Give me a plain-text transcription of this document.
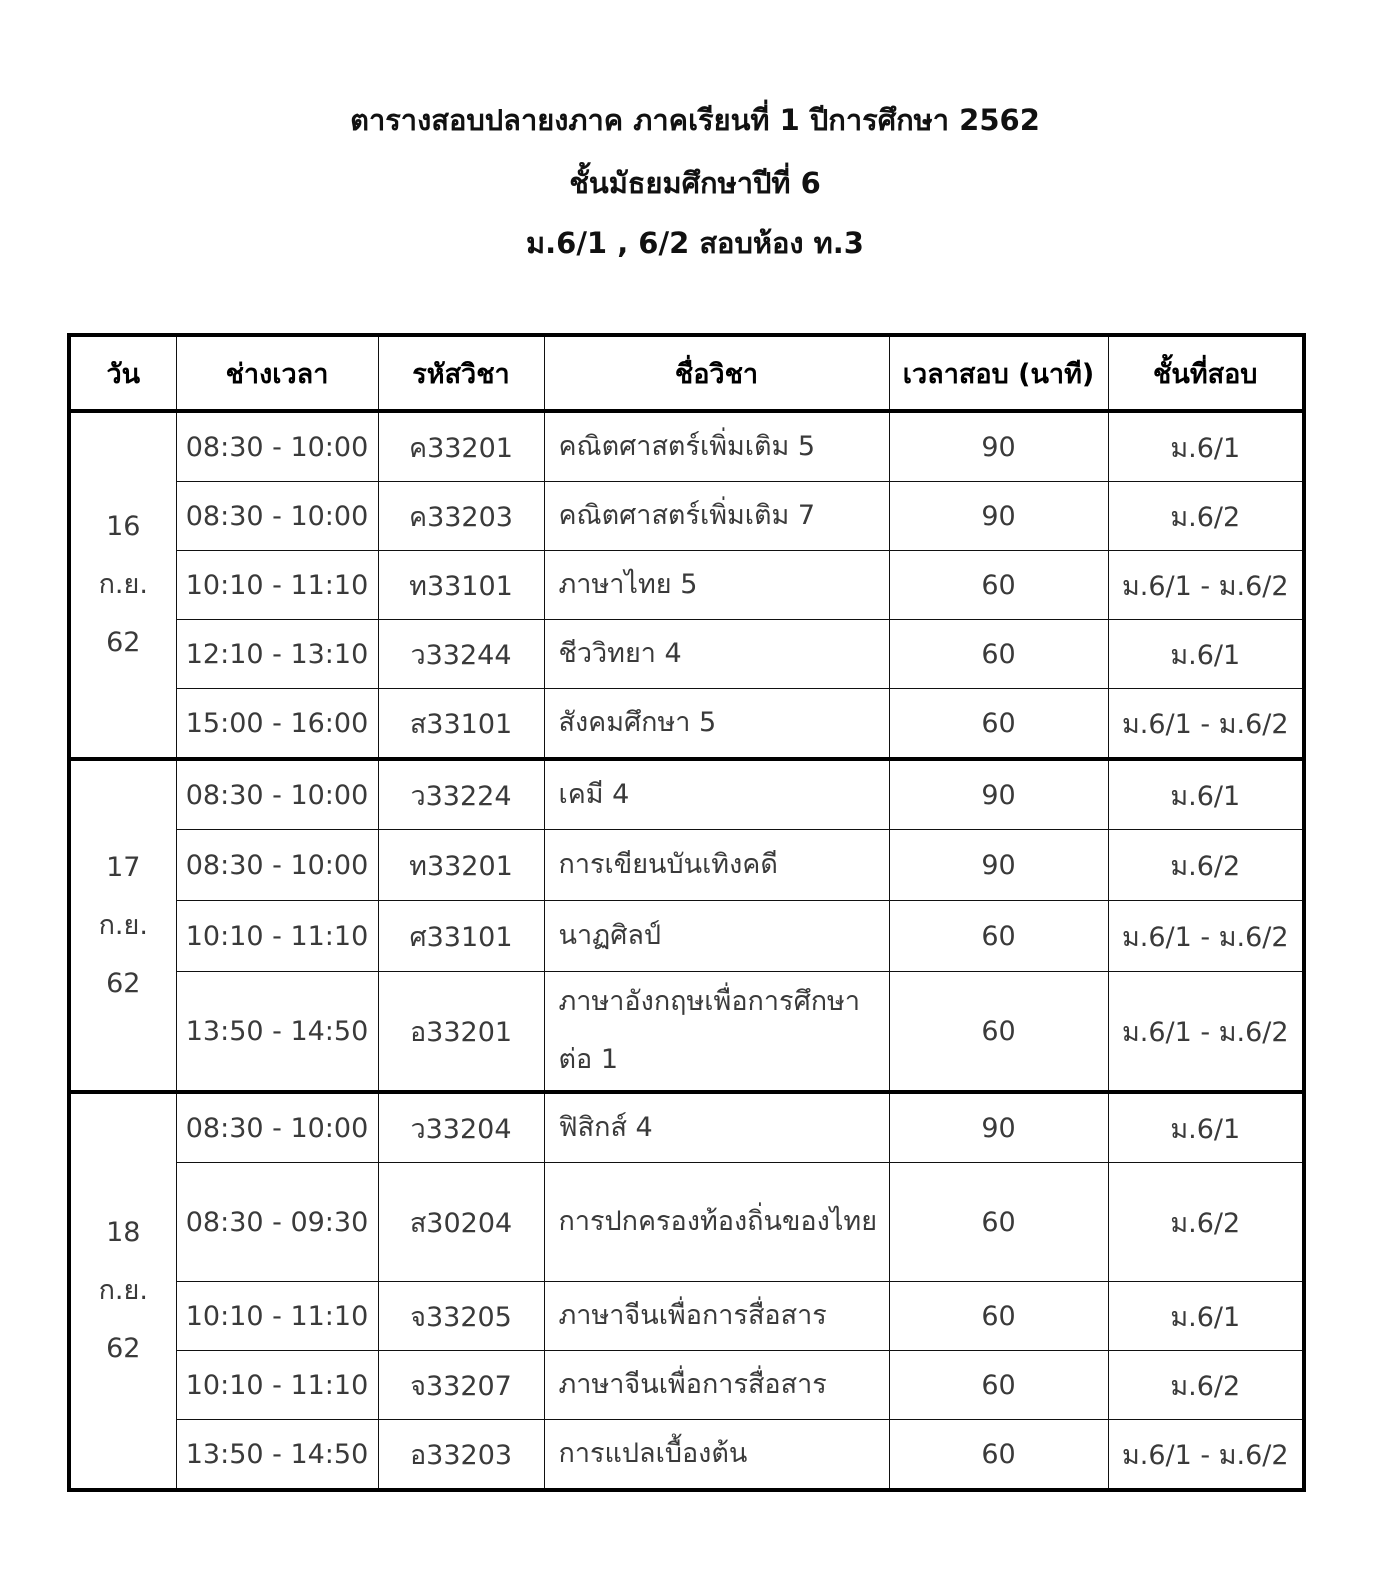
ตารางสอบปลายงภาค ภาคเรียนที่ 1 ปีการศึกษา 2562
ชั้นมัธยมศึกษาปีที่ 6
ม.6/1 , 6/2 สอบห้อง ท.3
วัน	ช่างเวลา	รหัสวิชา	ชื่อวิชา	เวลาสอบ (นาที)	ชั้นที่สอบ

16
ก.ย.
62	08:30 - 10:00	ค33201	คณิตศาสตร์เพิ่มเติม 5	90	ม.6/1
	08:30 - 10:00	ค33203	คณิตศาสตร์เพิ่มเติม 7	90	ม.6/2
	10:10 - 11:10	ท33101	ภาษาไทย 5	60	ม.6/1 - ม.6/2
	12:10 - 13:10	ว33244	ชีววิทยา 4	60	ม.6/1
	15:00 - 16:00	ส33101	สังคมศึกษา 5	60	ม.6/1 - ม.6/2

17
ก.ย.
62	08:30 - 10:00	ว33224	เคมี 4	90	ม.6/1
	08:30 - 10:00	ท33201	การเขียนบันเทิงคดี	90	ม.6/2
	10:10 - 11:10	ศ33101	นาฏศิลป์	60	ม.6/1 - ม.6/2
	13:50 - 14:50	อ33201	ภาษาอังกฤษเพื่อการศึกษาต่อ 1	60	ม.6/1 - ม.6/2

18
ก.ย.
62	08:30 - 10:00	ว33204	ฟิสิกส์ 4	90	ม.6/1
	08:30 - 09:30	ส30204	การปกครองท้องถิ่นของไทย	60	ม.6/2
	10:10 - 11:10	จ33205	ภาษาจีนเพื่อการสื่อสาร	60	ม.6/1
	10:10 - 11:10	จ33207	ภาษาจีนเพื่อการสื่อสาร	60	ม.6/2
	13:50 - 14:50	อ33203	การแปลเบื้องต้น	60	ม.6/1 - ม.6/2
